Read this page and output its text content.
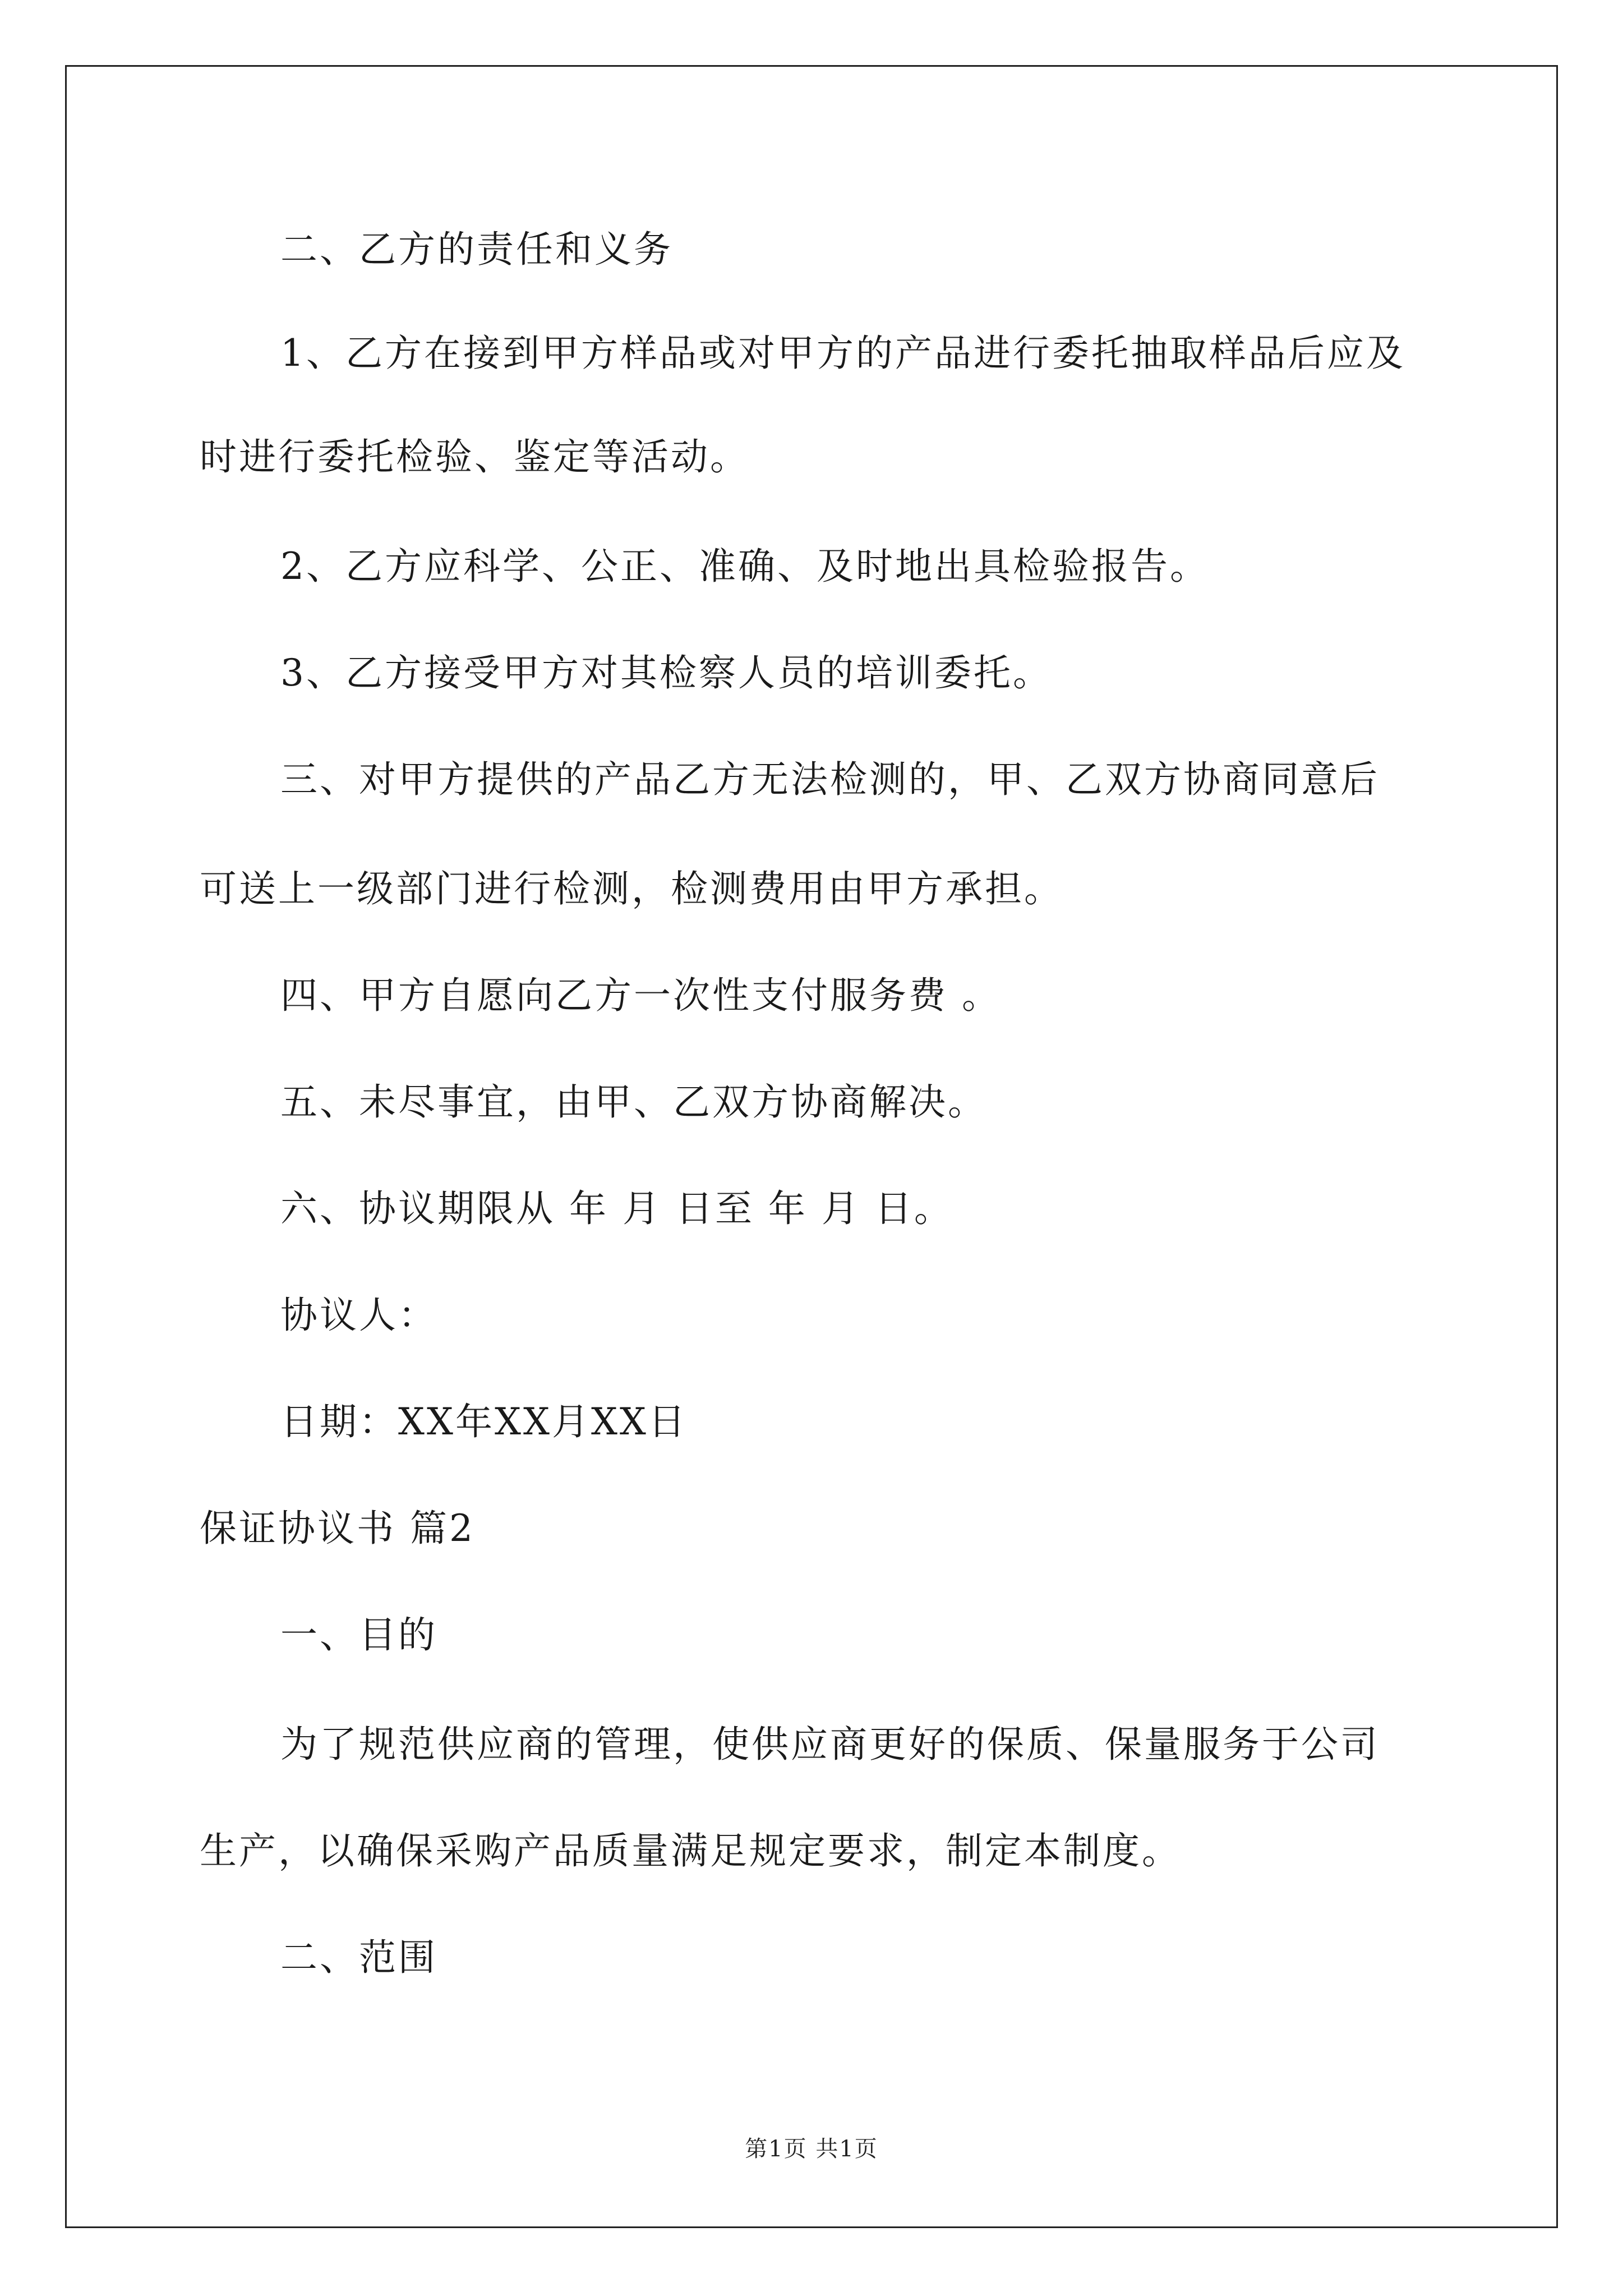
二、乙方的责任和义务
1、乙方在接到甲方样品或对甲方的产品进行委托抽取样品后应及
时进行委托检验、鉴定等活动。
2、乙方应科学、公正、准确、及时地出具检验报告。
3、乙方接受甲方对其检察人员的培训委托。
三、对甲方提供的产品乙方无法检测的，甲、乙双方协商同意后
可送上一级部门进行检测，检测费用由甲方承担。
四、甲方自愿向乙方一次性支付服务费 。
五、未尽事宜，由甲、乙双方协商解决。
六、协议期限从 年 月 日至 年 月 日。
协议人：
日期：XX年XX月XX日
保证协议书 篇2
一、目的
为了规范供应商的管理，使供应商更好的保质、保量服务于公司
生产，以确保采购产品质量满足规定要求，制定本制度。
二、范围
第1页 共1页
